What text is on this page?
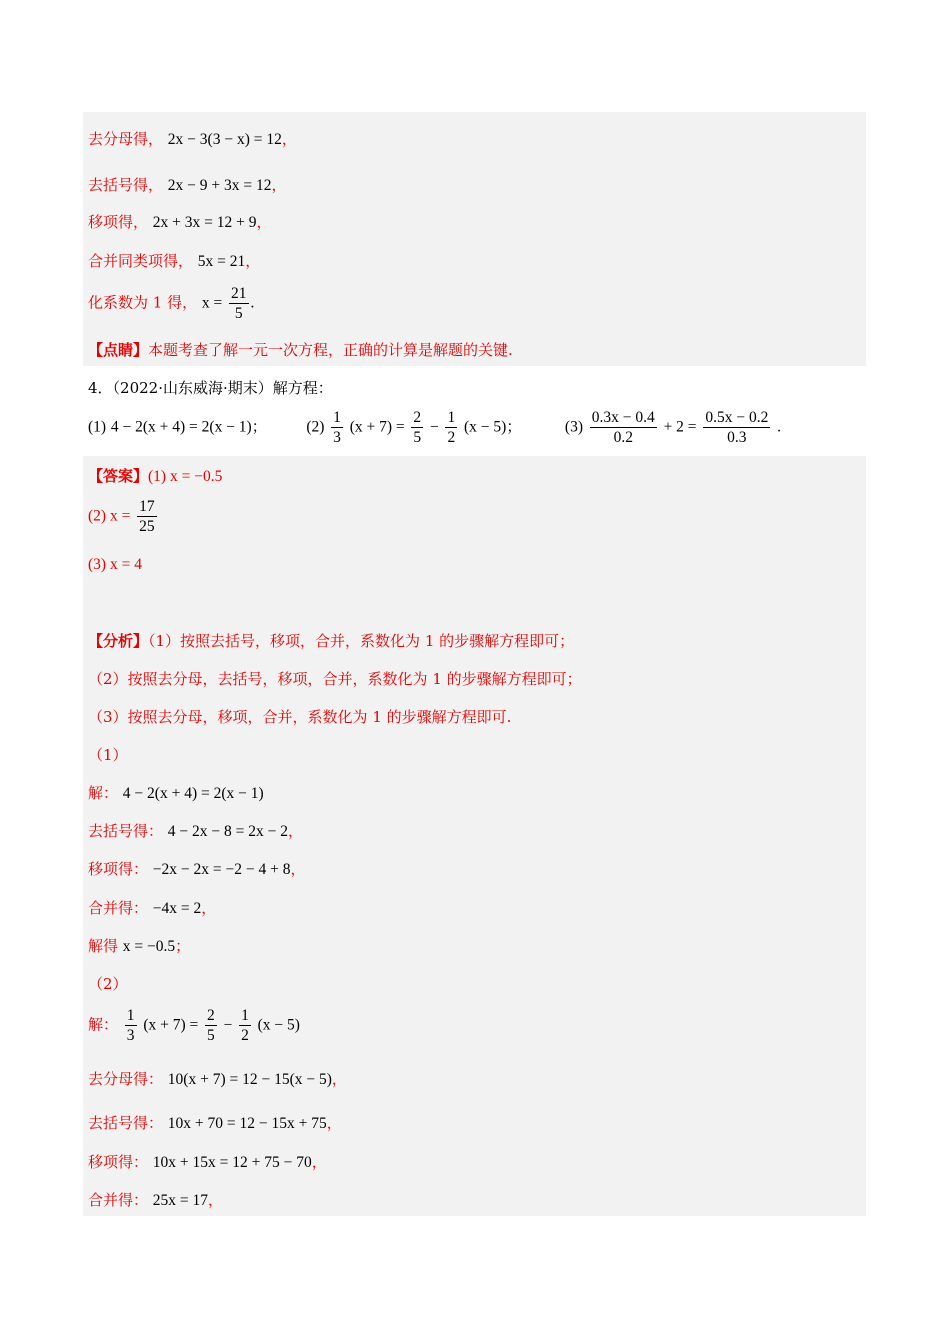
去分母得， 2x − 3(3 − x) = 12，
去括号得， 2x − 9 + 3x = 12，
移项得， 2x + 3x = 12 + 9，
合并同类项得， 5x = 21，
化系数为 1 得， $x = \frac{21}{5}$ .
【点睛】本题考查了解一元一次方程，正确的计算是解题的关键.
4．（2022·山东威海·期末）解方程：
(1) 4 − 2(x + 4) = 2(x − 1)；	$(2) \frac{1}{3} (x + 7) = \frac{2}{5} - \frac{1}{2} (x - 5)$；	$(3) \frac{0.3x - 0.4}{0.2} + 2 = \frac{0.5x - 0.2}{0.3}$ .
【答案】(1) x = −0.5
(2) $x = \frac{17}{25}$
(3) x = 4
【分析】（1）按照去括号，移项，合并，系数化为 1 的步骤解方程即可；
（2）按照去分母，去括号，移项，合并，系数化为 1 的步骤解方程即可；
（3）按照去分母，移项，合并，系数化为 1 的步骤解方程即可.
（1）
解： 4 − 2(x + 4) = 2(x − 1)
去括号得： 4 − 2x − 8 = 2x − 2，
移项得： −2x − 2x = −2 − 4 + 8，
合并得： −4x = 2，
解得 x = −0.5；
（2）
解： $\frac{1}{3} (x + 7) = \frac{2}{5} - \frac{1}{2} (x - 5)$
去分母得： 10(x + 7) = 12 − 15(x − 5)，
去括号得： 10x + 70 = 12 − 15x + 75，
移项得： 10x + 15x = 12 + 75 − 70，
合并得： 25x = 17，
